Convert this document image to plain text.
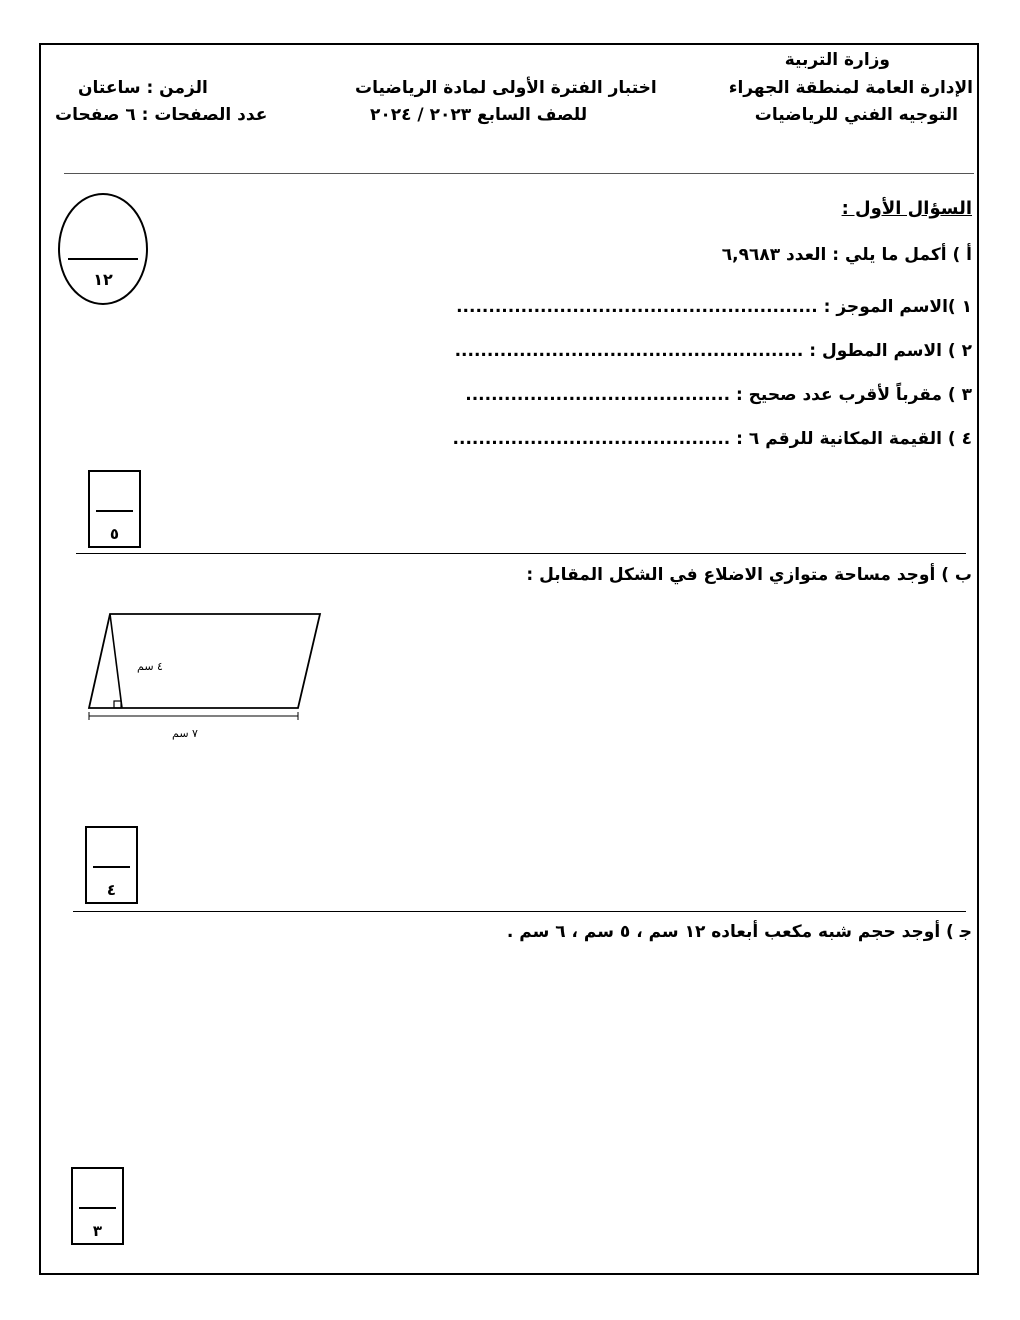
وزارة التربية
الإدارة العامة لمنطقة الجهراء
التوجيه الفني للرياضيات
اختبار الفترة الأولى لمادة الرياضيات
للصف السابع ٢٠٢٣ / ٢٠٢٤
الزمن : ساعتان
عدد الصفحات : ٦ صفحات
السؤال الأول :
١٢
أ ) أكمل ما يلي : العدد ٦,٩٦٨٣
١ )الاسم الموجز : ........................................................
٢ ) الاسم المطول : ......................................................
٣ ) مقرباً لأقرب عدد صحيح : .........................................
٤ ) القيمة المكانية للرقم ٦ : ...........................................
٥
ب ) أوجد مساحة متوازي الاضلاع في الشكل المقابل :
٤ سم
٧ سم
٤
ﺟ ) أوجد حجم شبه مكعب أبعاده ١٢ سم ، ٥ سم ، ٦ سم .
٣
